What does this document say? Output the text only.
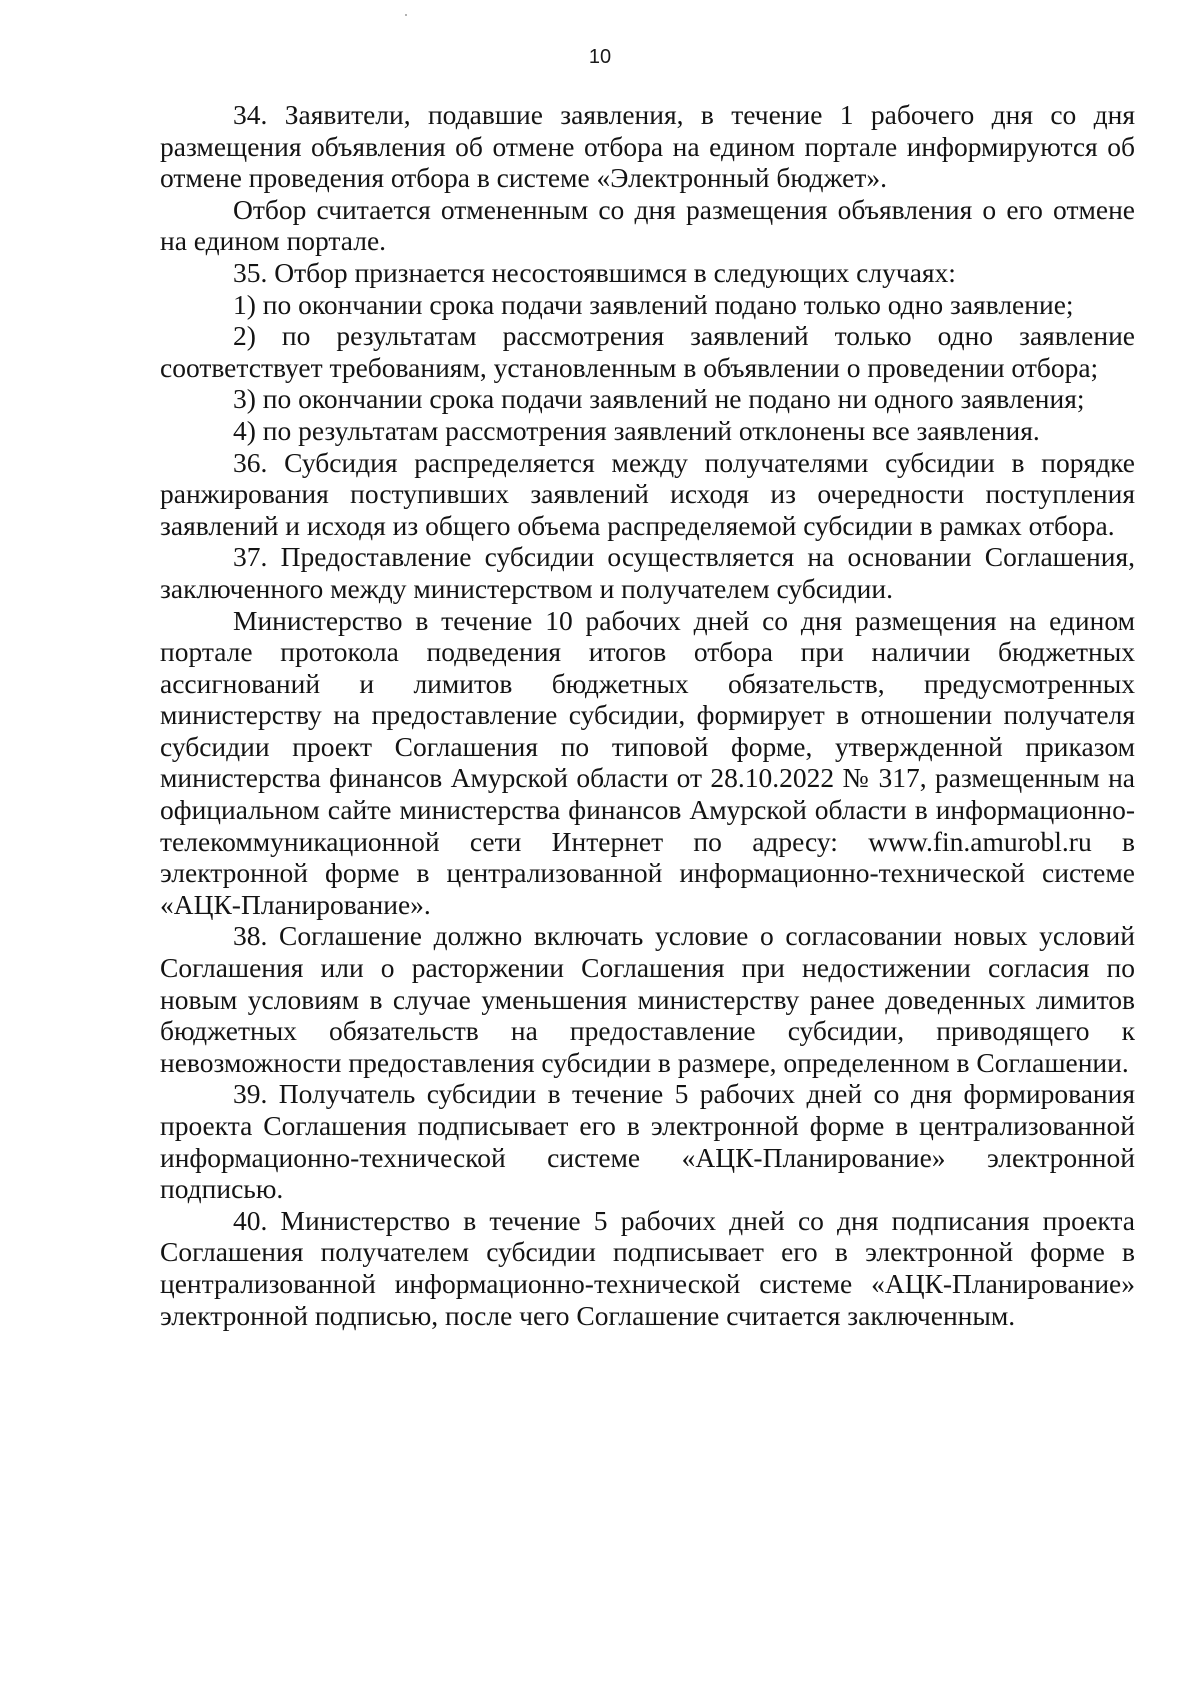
10

34. Заявители, подавшие заявления, в течение 1 рабочего дня со дня размещения объявления об отмене отбора на едином портале информируются об отмене проведения отбора в системе «Электронный бюджет».

Отбор считается отмененным со дня размещения объявления о его отмене на едином портале.

35. Отбор признается несостоявшимся в следующих случаях:

1) по окончании срока подачи заявлений подано только одно заявление;

2) по результатам рассмотрения заявлений только одно заявление соответствует требованиям, установленным в объявлении о проведении отбора;

3) по окончании срока подачи заявлений не подано ни одного заявления;

4) по результатам рассмотрения заявлений отклонены все заявления.

36. Субсидия распределяется между получателями субсидии в порядке ранжирования поступивших заявлений исходя из очередности поступления заявлений и исходя из общего объема распределяемой субсидии в рамках отбора.

37. Предоставление субсидии осуществляется на основании Соглашения, заключенного между министерством и получателем субсидии.

Министерство в течение 10 рабочих дней со дня размещения на едином портале протокола подведения итогов отбора при наличии бюджетных ассигнований и лимитов бюджетных обязательств, предусмотренных министерству на предоставление субсидии, формирует в отношении получателя субсидии проект Соглашения по типовой форме, утвержденной приказом министерства финансов Амурской области от 28.10.2022 № 317, размещенным на официальном сайте министерства финансов Амурской области в информационно-телекоммуникационной сети Интернет по адресу: www.fin.amurobl.ru в электронной форме в централизованной информационно-технической системе «АЦК-Планирование».

38. Соглашение должно включать условие о согласовании новых условий Соглашения или о расторжении Соглашения при недостижении согласия по новым условиям в случае уменьшения министерству ранее доведенных лимитов бюджетных обязательств на предоставление субсидии, приводящего к невозможности предоставления субсидии в размере, определенном в Соглашении.

39. Получатель субсидии в течение 5 рабочих дней со дня формирования проекта Соглашения подписывает его в электронной форме в централизованной информационно-технической системе «АЦК-Планирование» электронной подписью.

40. Министерство в течение 5 рабочих дней со дня подписания проекта Соглашения получателем субсидии подписывает его в электронной форме в централизованной информационно-технической системе «АЦК-Планирование» электронной подписью, после чего Соглашение считается заключенным.
